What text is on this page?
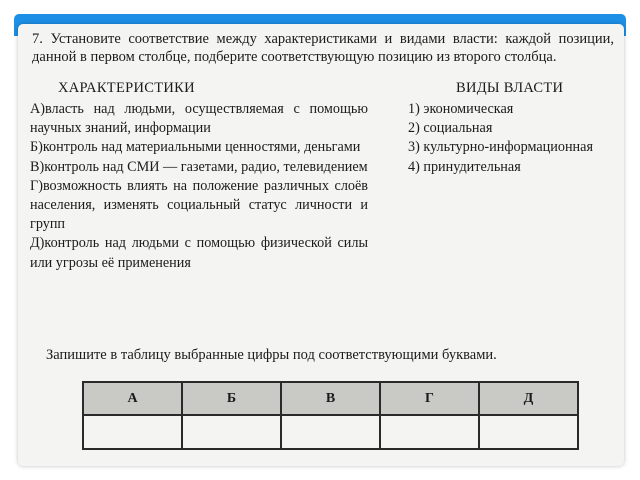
7. Установите соответствие между характеристиками и видами власти: каждой позиции, данной в первом столбце, подберите соответствующую позицию из второго столбца.
ХАРАКТЕРИСТИКИ	ВИДЫ ВЛАСТИ
А)власть над людьми, осуществляемая с помощью научных знаний, информации
Б)контроль над материальными ценностями, деньгами
В)контроль над СМИ — газетами, радио, телевидением
Г)возможность влиять на положение различных слоёв населения, изменять социальный статус личности и групп
Д)контроль над людьми с помощью физической силы или угрозы её применения
1) экономическая
2) социальная
3) культурно-информационная
4) принудительная
Запишите в таблицу выбранные цифры под соответствующими буквами.
А	Б	В	Г	Д
